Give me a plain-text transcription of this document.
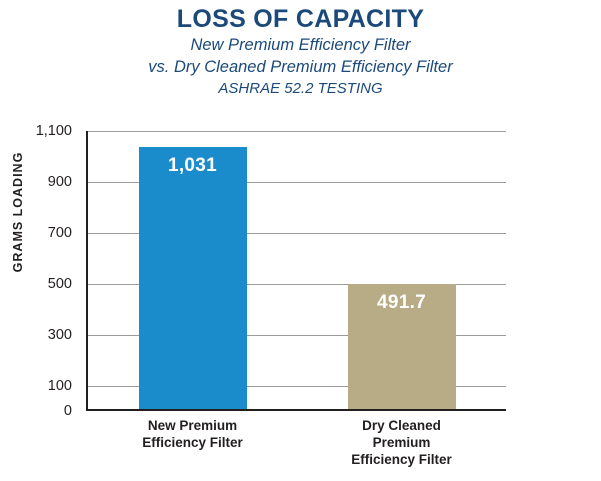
LOSS OF CAPACITY
New Premium Efficiency Filter
vs. Dry Cleaned Premium Efficiency Filter
ASHRAE 52.2 TESTING
GRAMS LOADING
1,100
900
700
500
300
100
0
1,031
491.7
New Premium
Efficiency Filter
Dry Cleaned
Premium
Efficiency Filter
